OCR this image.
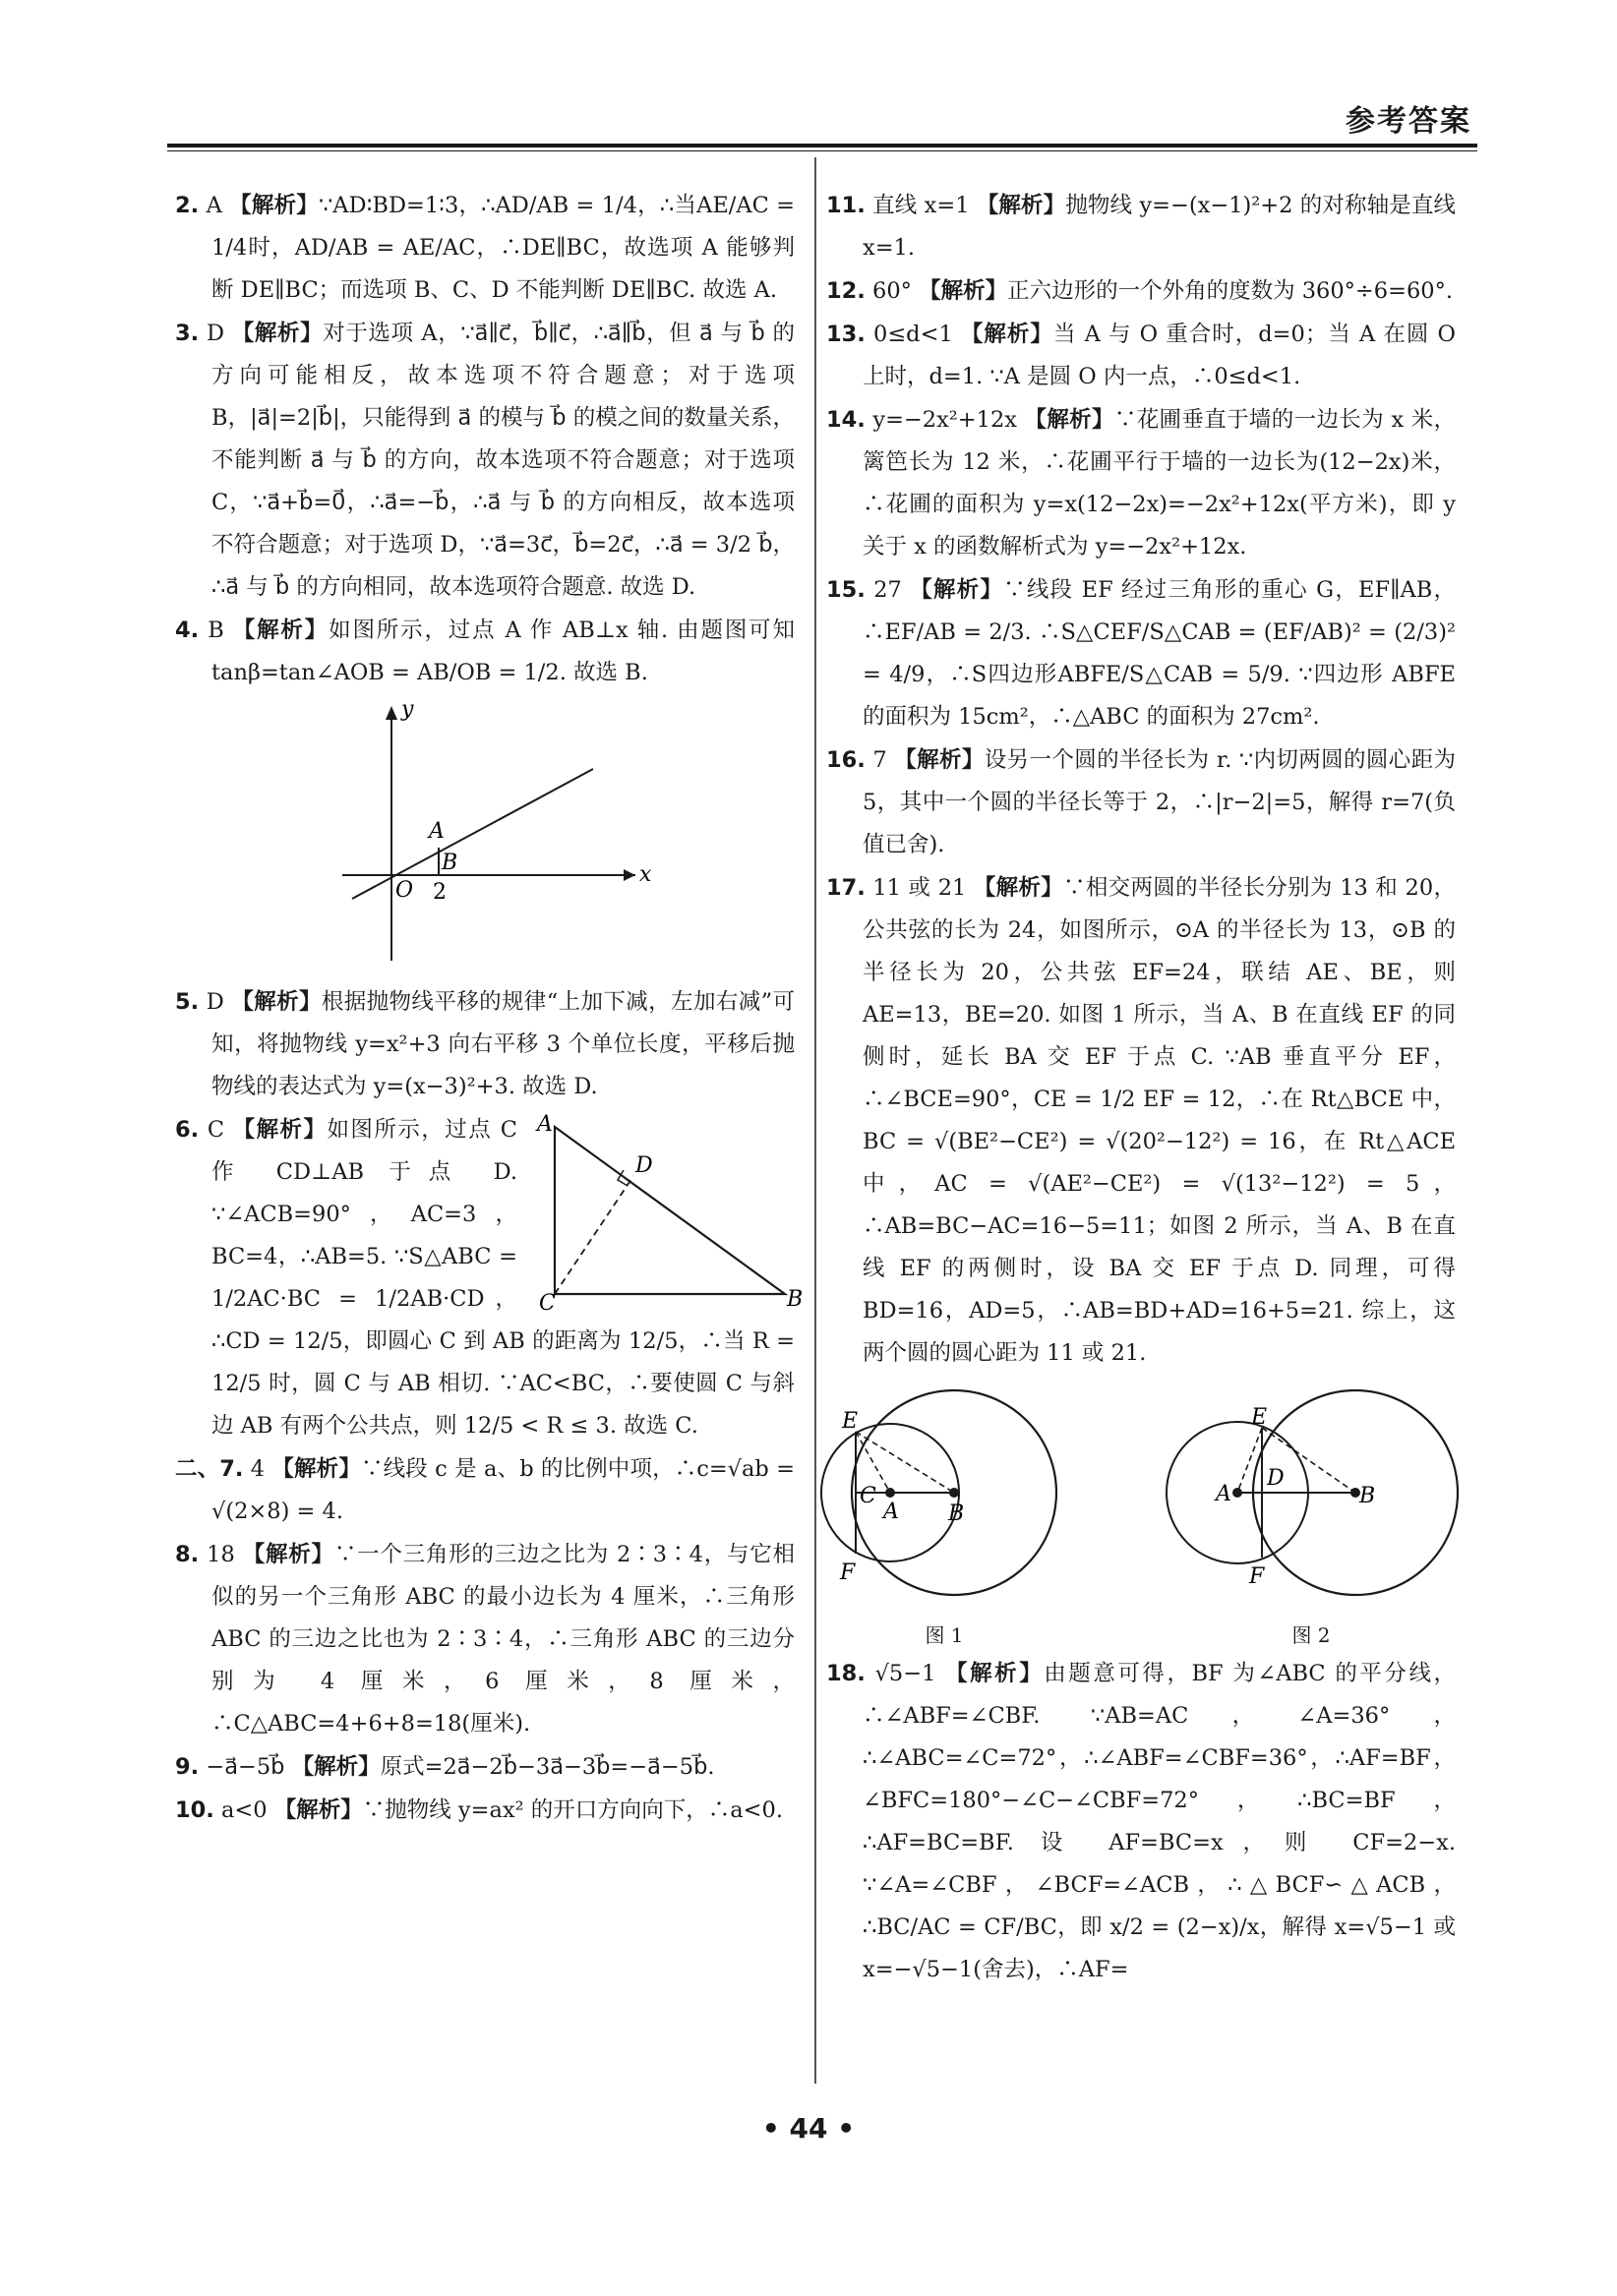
参考答案

2. A 【解析】∵AD∶BD=1∶3，∴AD/AB = 1/4，∴当AE/AC = 1/4时，AD/AB = AE/AC，∴DE∥BC，故选项 A 能够判断 DE∥BC；而选项 B、C、D 不能判断 DE∥BC. 故选 A.

3. D 【解析】对于选项 A，∵a⃗∥c⃗，b⃗∥c⃗，∴a⃗∥b⃗，但 a⃗ 与 b⃗ 的方向可能相反，故本选项不符合题意；对于选项 B，|a⃗|=2|b⃗|，只能得到 a⃗ 的模与 b⃗ 的模之间的数量关系，不能判断 a⃗ 与 b⃗ 的方向，故本选项不符合题意；对于选项 C，∵a⃗+b⃗=0⃗，∴a⃗=−b⃗，∴a⃗ 与 b⃗ 的方向相反，故本选项不符合题意；对于选项 D，∵a⃗=3c⃗，b⃗=2c⃗，∴a⃗ = 3/2 b⃗，∴a⃗ 与 b⃗ 的方向相同，故本选项符合题意. 故选 D.

4. B 【解析】如图所示，过点 A 作 AB⊥x 轴. 由题图可知 tanβ=tan∠AOB = AB/OB = 1/2. 故选 B.

y
x
O
A
B
2

5. D 【解析】根据抛物线平移的规律“上加下减，左加右减”可知，将抛物线 y=x²+3 向右平移 3 个单位长度，平移后抛物线的表达式为 y=(x−3)²+3. 故选 D.

A
B
C
D

6. C 【解析】如图所示，过点 C 作 CD⊥AB 于点 D. ∵∠ACB=90°，AC=3，BC=4，∴AB=5. ∵S△ABC = 1/2AC·BC = 1/2AB·CD，∴CD = 12/5，即圆心 C 到 AB 的距离为 12/5，∴当 R = 12/5 时，圆 C 与 AB 相切. ∵AC<BC，∴要使圆 C 与斜边 AB 有两个公共点，则 12/5 < R ≤ 3. 故选 C.

二、7. 4 【解析】∵线段 c 是 a、b 的比例中项，∴c=√ab = √(2×8) = 4.

8. 18 【解析】∵一个三角形的三边之比为 2∶3∶4，与它相似的另一个三角形 ABC 的最小边长为 4 厘米，∴三角形 ABC 的三边之比也为 2∶3∶4，∴三角形 ABC 的三边分别为 4 厘米，6 厘米，8 厘米，∴C△ABC=4+6+8=18(厘米).

9. −a⃗−5b⃗ 【解析】原式=2a⃗−2b⃗−3a⃗−3b⃗=−a⃗−5b⃗.

10. a<0 【解析】∵抛物线 y=ax² 的开口方向向下，∴a<0.

11. 直线 x=1 【解析】抛物线 y=−(x−1)²+2 的对称轴是直线 x=1.

12. 60° 【解析】正六边形的一个外角的度数为 360°÷6=60°.

13. 0≤d<1 【解析】当 A 与 O 重合时，d=0；当 A 在圆 O 上时，d=1. ∵A 是圆 O 内一点，∴0≤d<1.

14. y=−2x²+12x 【解析】∵花圃垂直于墙的一边长为 x 米，篱笆长为 12 米，∴花圃平行于墙的一边长为(12−2x)米，∴花圃的面积为 y=x(12−2x)=−2x²+12x(平方米)，即 y 关于 x 的函数解析式为 y=−2x²+12x.

15. 27 【解析】∵线段 EF 经过三角形的重心 G，EF∥AB，∴EF/AB = 2/3. ∴S△CEF/S△CAB = (EF/AB)² = (2/3)² = 4/9，∴S四边形ABFE/S△CAB = 5/9. ∵四边形 ABFE 的面积为 15cm²，∴△ABC 的面积为 27cm².

16. 7 【解析】设另一个圆的半径长为 r. ∵内切两圆的圆心距为 5，其中一个圆的半径长等于 2，∴|r−2|=5，解得 r=7(负值已舍).

17. 11 或 21 【解析】∵相交两圆的半径长分别为 13 和 20，公共弦的长为 24，如图所示，⊙A 的半径长为 13，⊙B 的半径长为 20，公共弦 EF=24，联结 AE、BE，则 AE=13，BE=20. 如图 1 所示，当 A、B 在直线 EF 的同侧时，延长 BA 交 EF 于点 C. ∵AB 垂直平分 EF，∴∠BCE=90°，CE = 1/2 EF = 12，∴在 Rt△BCE 中，BC = √(BE²−CE²) = √(20²−12²) = 16，在 Rt△ACE 中，AC = √(AE²−CE²) = √(13²−12²) = 5，∴AB=BC−AC=16−5=11；如图 2 所示，当 A、B 在直线 EF 的两侧时，设 BA 交 EF 于点 D. 同理，可得 BD=16，AD=5，∴AB=BD+AD=16+5=21. 综上，这两个圆的圆心距为 11 或 21.

E
F
C
A B
图 1
E
F
A
D
B
图 2

18. √5−1 【解析】由题意可得，BF 为∠ABC 的平分线，∴∠ABF=∠CBF. ∵AB=AC，∠A=36°，∴∠ABC=∠C=72°，∴∠ABF=∠CBF=36°，∴AF=BF，∠BFC=180°−∠C−∠CBF=72°，∴BC=BF，∴AF=BC=BF. 设 AF=BC=x，则 CF=2−x. ∵∠A=∠CBF，∠BCF=∠ACB，∴△BCF∽△ACB，∴BC/AC = CF/BC，即 x/2 = (2−x)/x，解得 x=√5−1 或 x=−√5−1(舍去)，∴AF=

• 44 •
